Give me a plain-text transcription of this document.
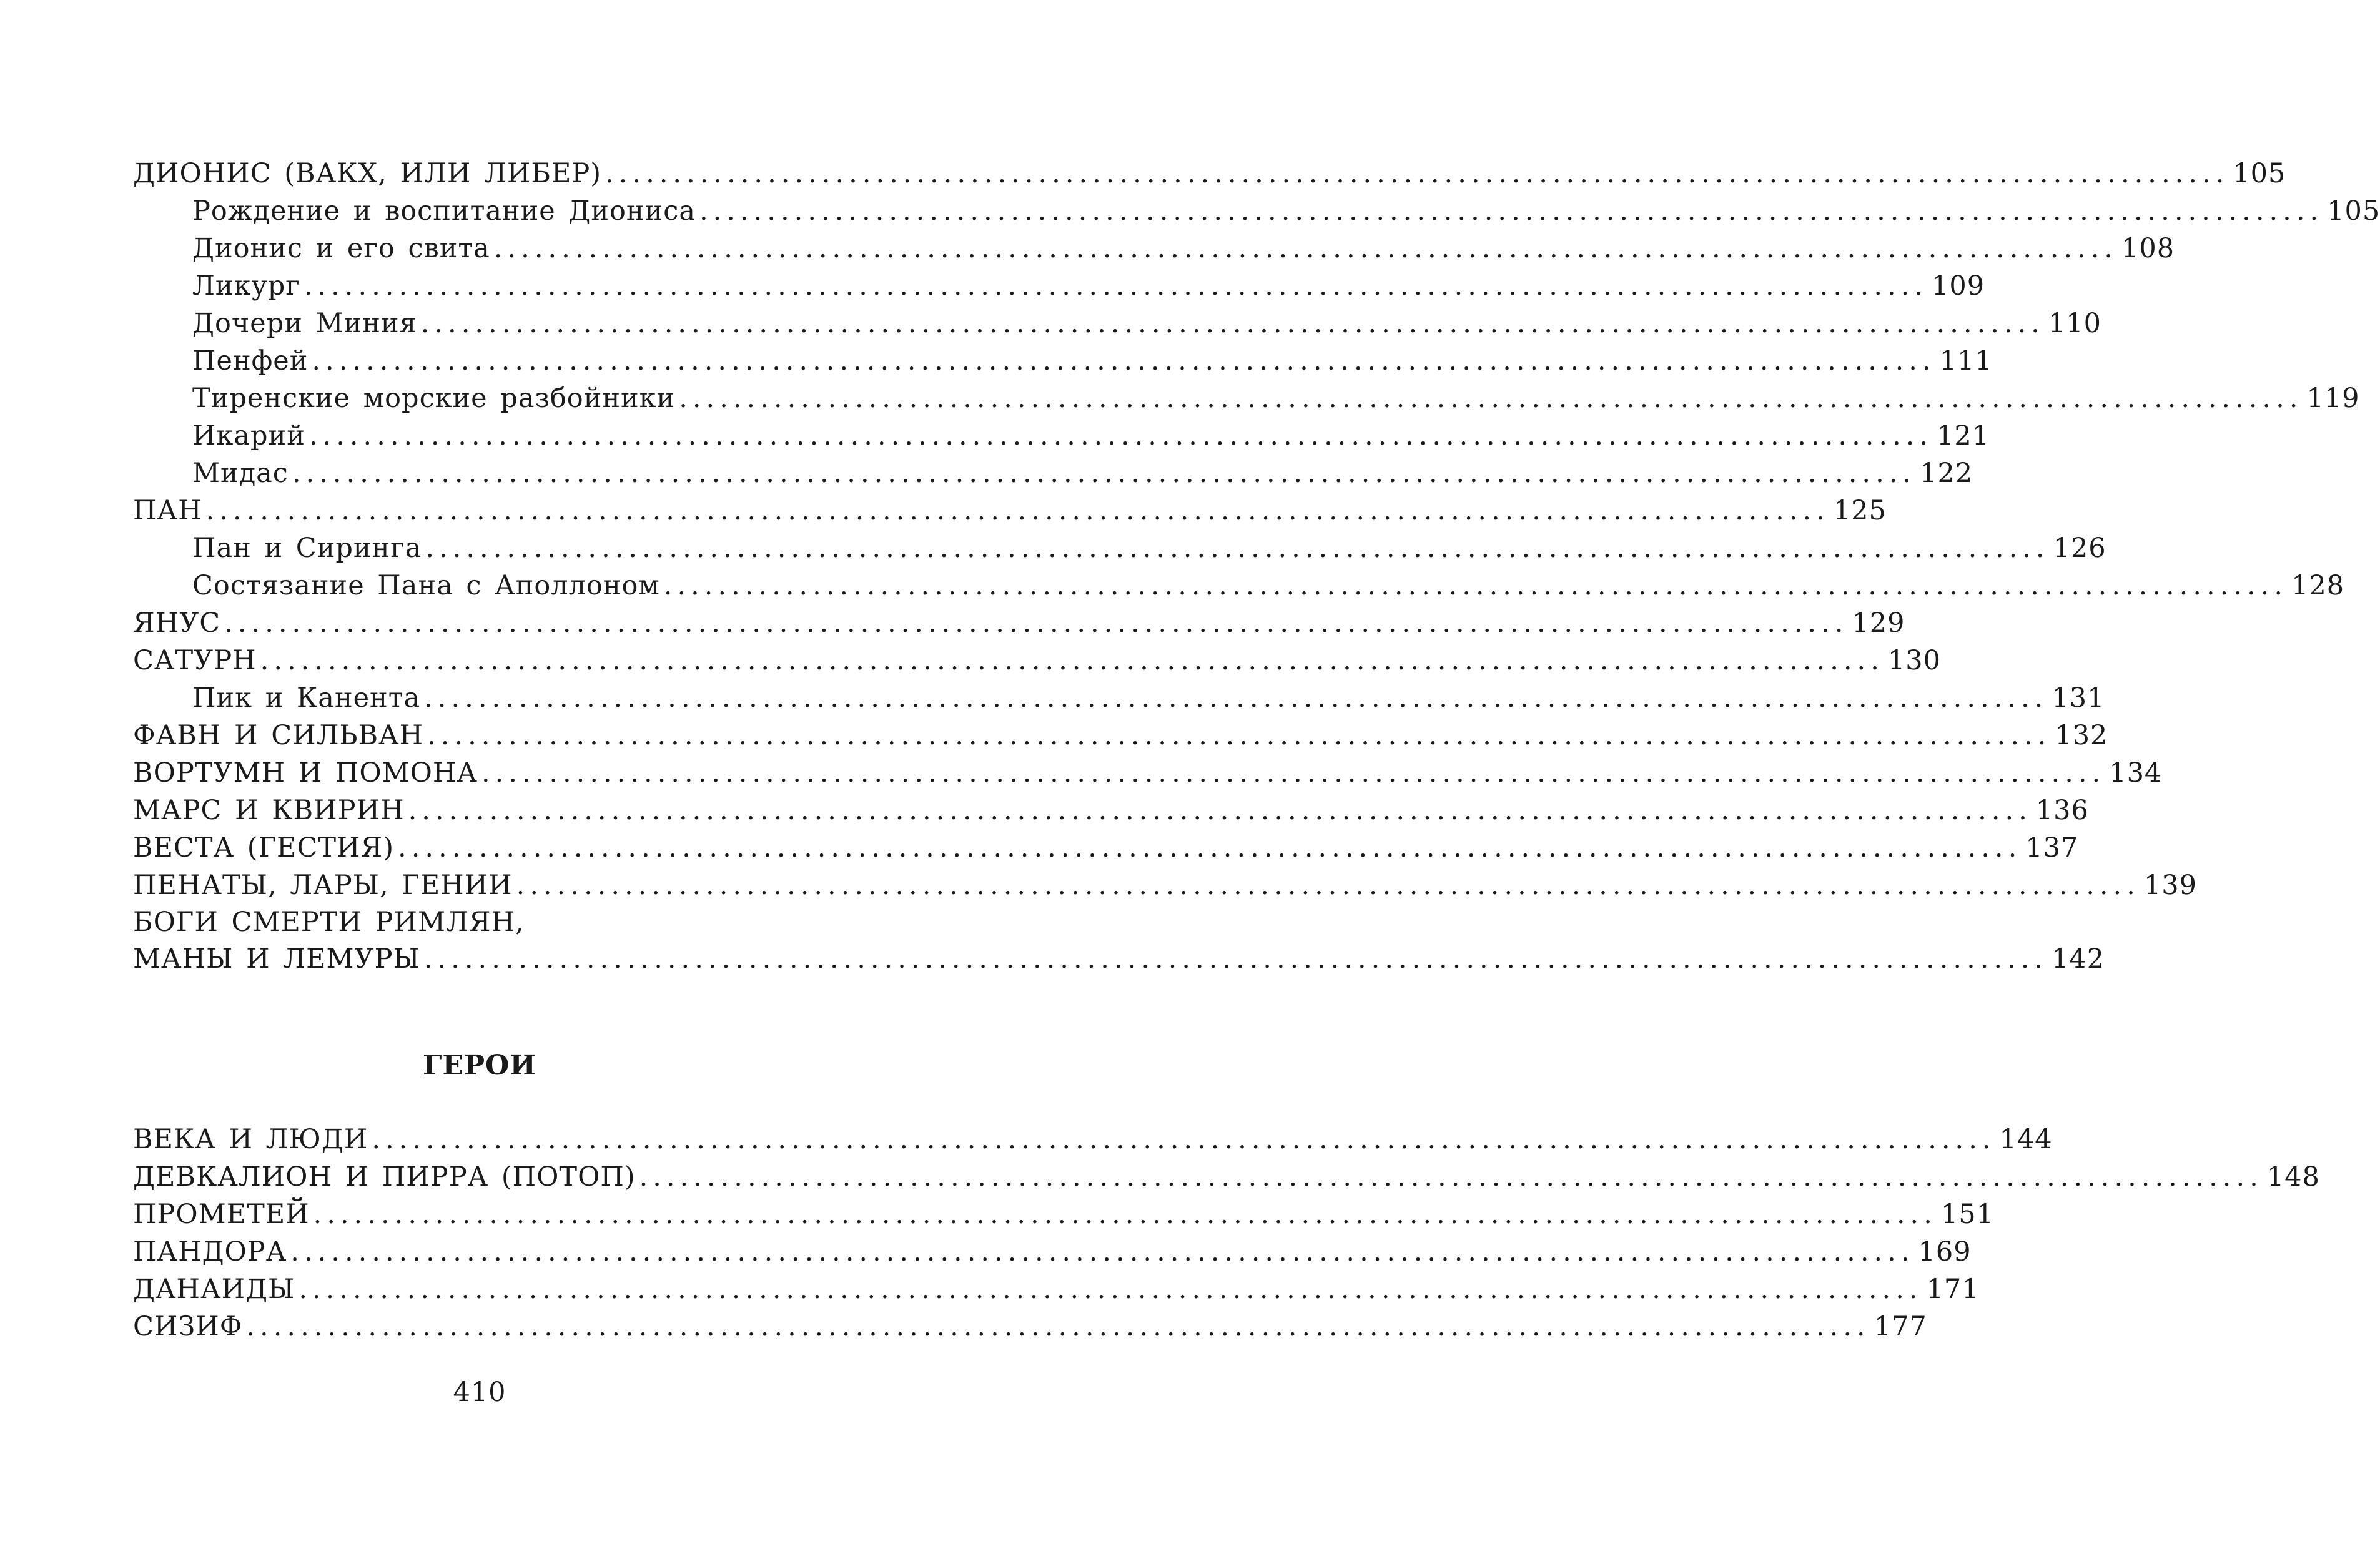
ДИОНИС (ВАКХ, ИЛИ ЛИБЕР) ........................................................................................................................ 105
Рождение и воспитание Диониса ........................................................................................................................ 105
Дионис и его свита ........................................................................................................................ 108
Ликург ........................................................................................................................ 109
Дочери Миния ........................................................................................................................ 110
Пенфей ........................................................................................................................ 111
Тиренские морские разбойники ........................................................................................................................ 119
Икарий ........................................................................................................................ 121
Мидас ........................................................................................................................ 122
ПАН ........................................................................................................................ 125
Пан и Сиринга ........................................................................................................................ 126
Состязание Пана с Аполлоном ........................................................................................................................ 128
ЯНУС ........................................................................................................................ 129
САТУРН ........................................................................................................................ 130
Пик и Канента ........................................................................................................................ 131
ФАВН И СИЛЬВАН ........................................................................................................................ 132
ВОРТУМН И ПОМОНА ........................................................................................................................ 134
МАРС И КВИРИН ........................................................................................................................ 136
ВЕСТА (ГЕСТИЯ) ........................................................................................................................ 137
ПЕНАТЫ, ЛАРЫ, ГЕНИИ ........................................................................................................................ 139
БОГИ СМЕРТИ РИМЛЯН,
МАНЫ И ЛЕМУРЫ ........................................................................................................................ 142
ГЕРОИ
ВЕКА И ЛЮДИ ........................................................................................................................ 144
ДЕВКАЛИОН И ПИРРА (ПОТОП) ........................................................................................................................ 148
ПРОМЕТЕЙ ........................................................................................................................ 151
ПАНДОРА ........................................................................................................................ 169
ДАНАИДЫ ........................................................................................................................ 171
СИЗИФ ........................................................................................................................ 177
410
